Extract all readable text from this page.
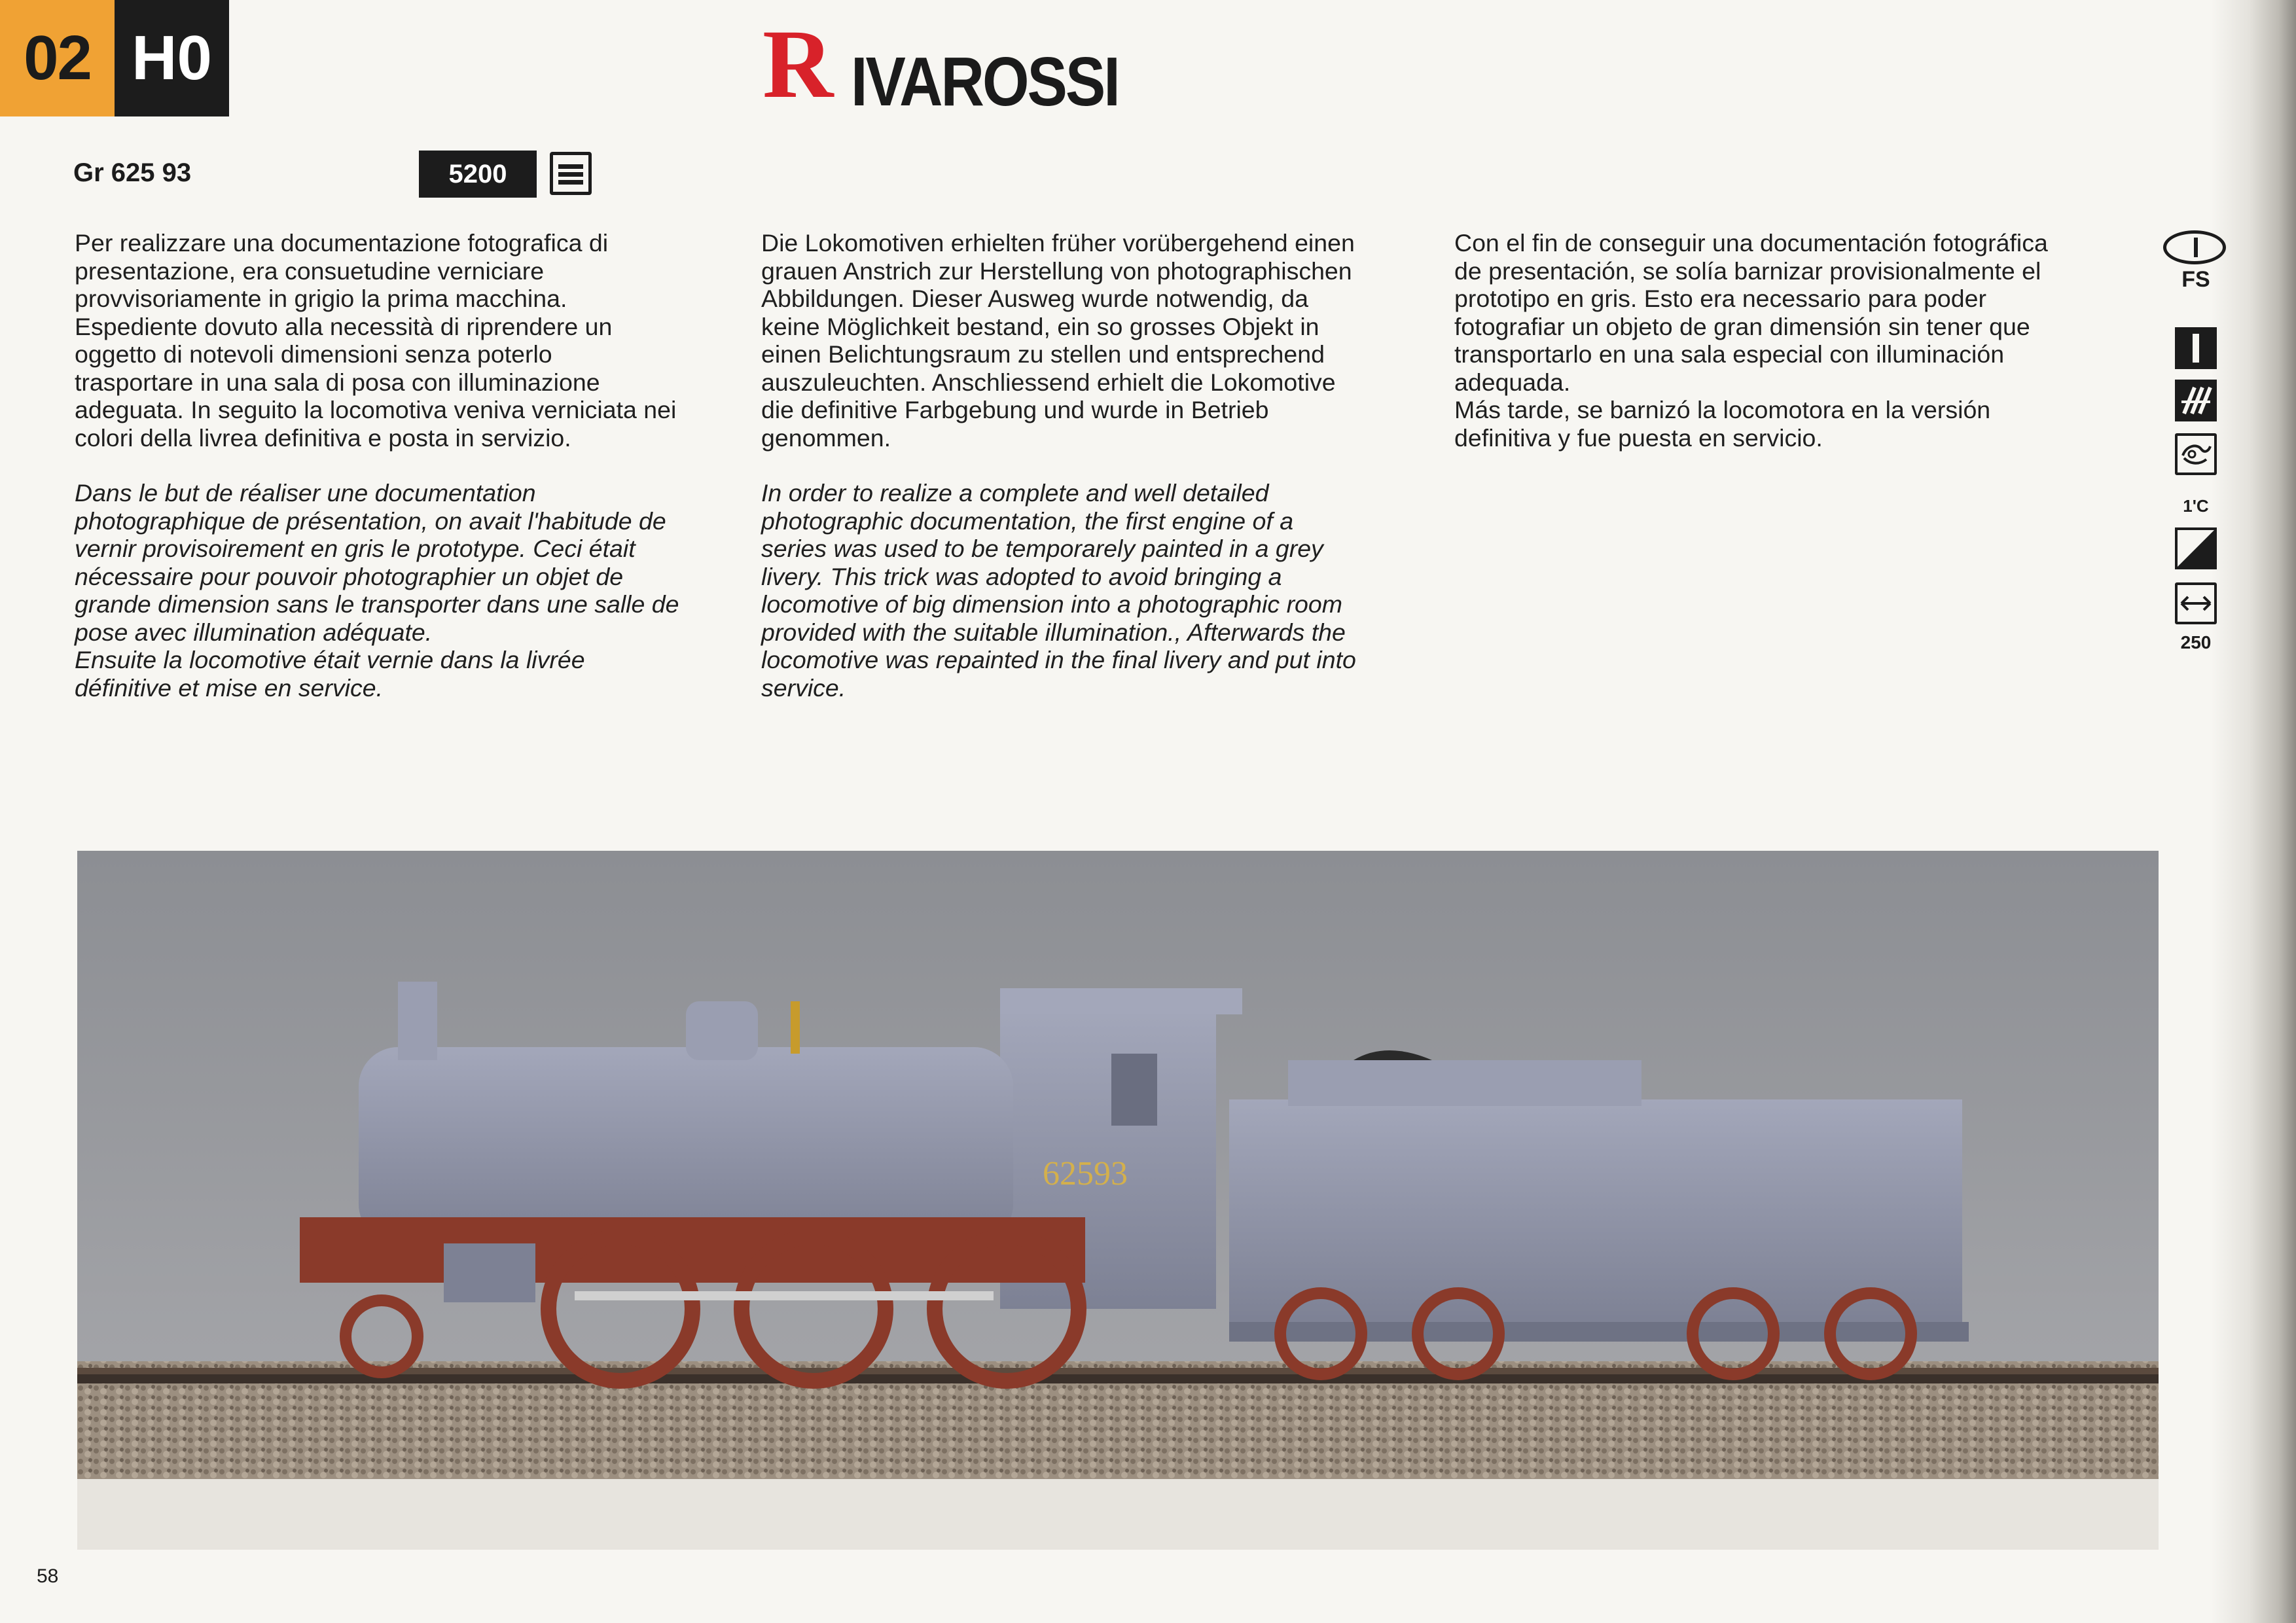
02 H0	R IVAROSSI
Gr 625 93	5200

Per realizzare una documentazione fotografica di
presentazione, era consuetudine verniciare
provvisoriamente in grigio la prima macchina.
Espediente dovuto alla necessità di riprendere un
oggetto di notevoli dimensioni senza poterlo
trasportare in una sala di posa con illuminazione
adeguata. In seguito la locomotiva veniva verniciata nei
colori della livrea definitiva e posta in servizio.

Dans le but de réaliser une documentation
photographique de présentation, on avait l'habitude de
vernir provisoirement en gris le prototype. Ceci était
nécessaire pour pouvoir photographier un objet de
grande dimension sans le transporter dans une salle de
pose avec illumination adéquate.
Ensuite la locomotive était vernie dans la livrée
définitive et mise en service.

Die Lokomotiven erhielten früher vorübergehend einen
grauen Anstrich zur Herstellung von photographischen
Abbildungen. Dieser Ausweg wurde notwendig, da
keine Möglichkeit bestand, ein so grosses Objekt in
einen Belichtungsraum zu stellen und entsprechend
auszuleuchten. Anschliessend erhielt die Lokomotive
die definitive Farbgebung und wurde in Betrieb
genommen.

In order to realize a complete and well detailed
photographic documentation, the first engine of a
series was used to be temporarely painted in a grey
livery. This trick was adopted to avoid bringing a
locomotive of big dimension into a photographic room
provided with the suitable illumination., Afterwards the
locomotive was repainted in the final livery and put into
service.

Con el fin de conseguir una documentación fotográfica
de presentación, se solía barnizar provisionalmente el
prototipo en gris. Esto era necessario para poder
fotografiar un objeto de gran dimensión sin tener que
transportarlo en una sala especial con illuminación
adequada.
Más tarde, se barnizó la locomotora en la versión
definitiva y fue puesta en servicio.

FS
1'C
250
62593
58
